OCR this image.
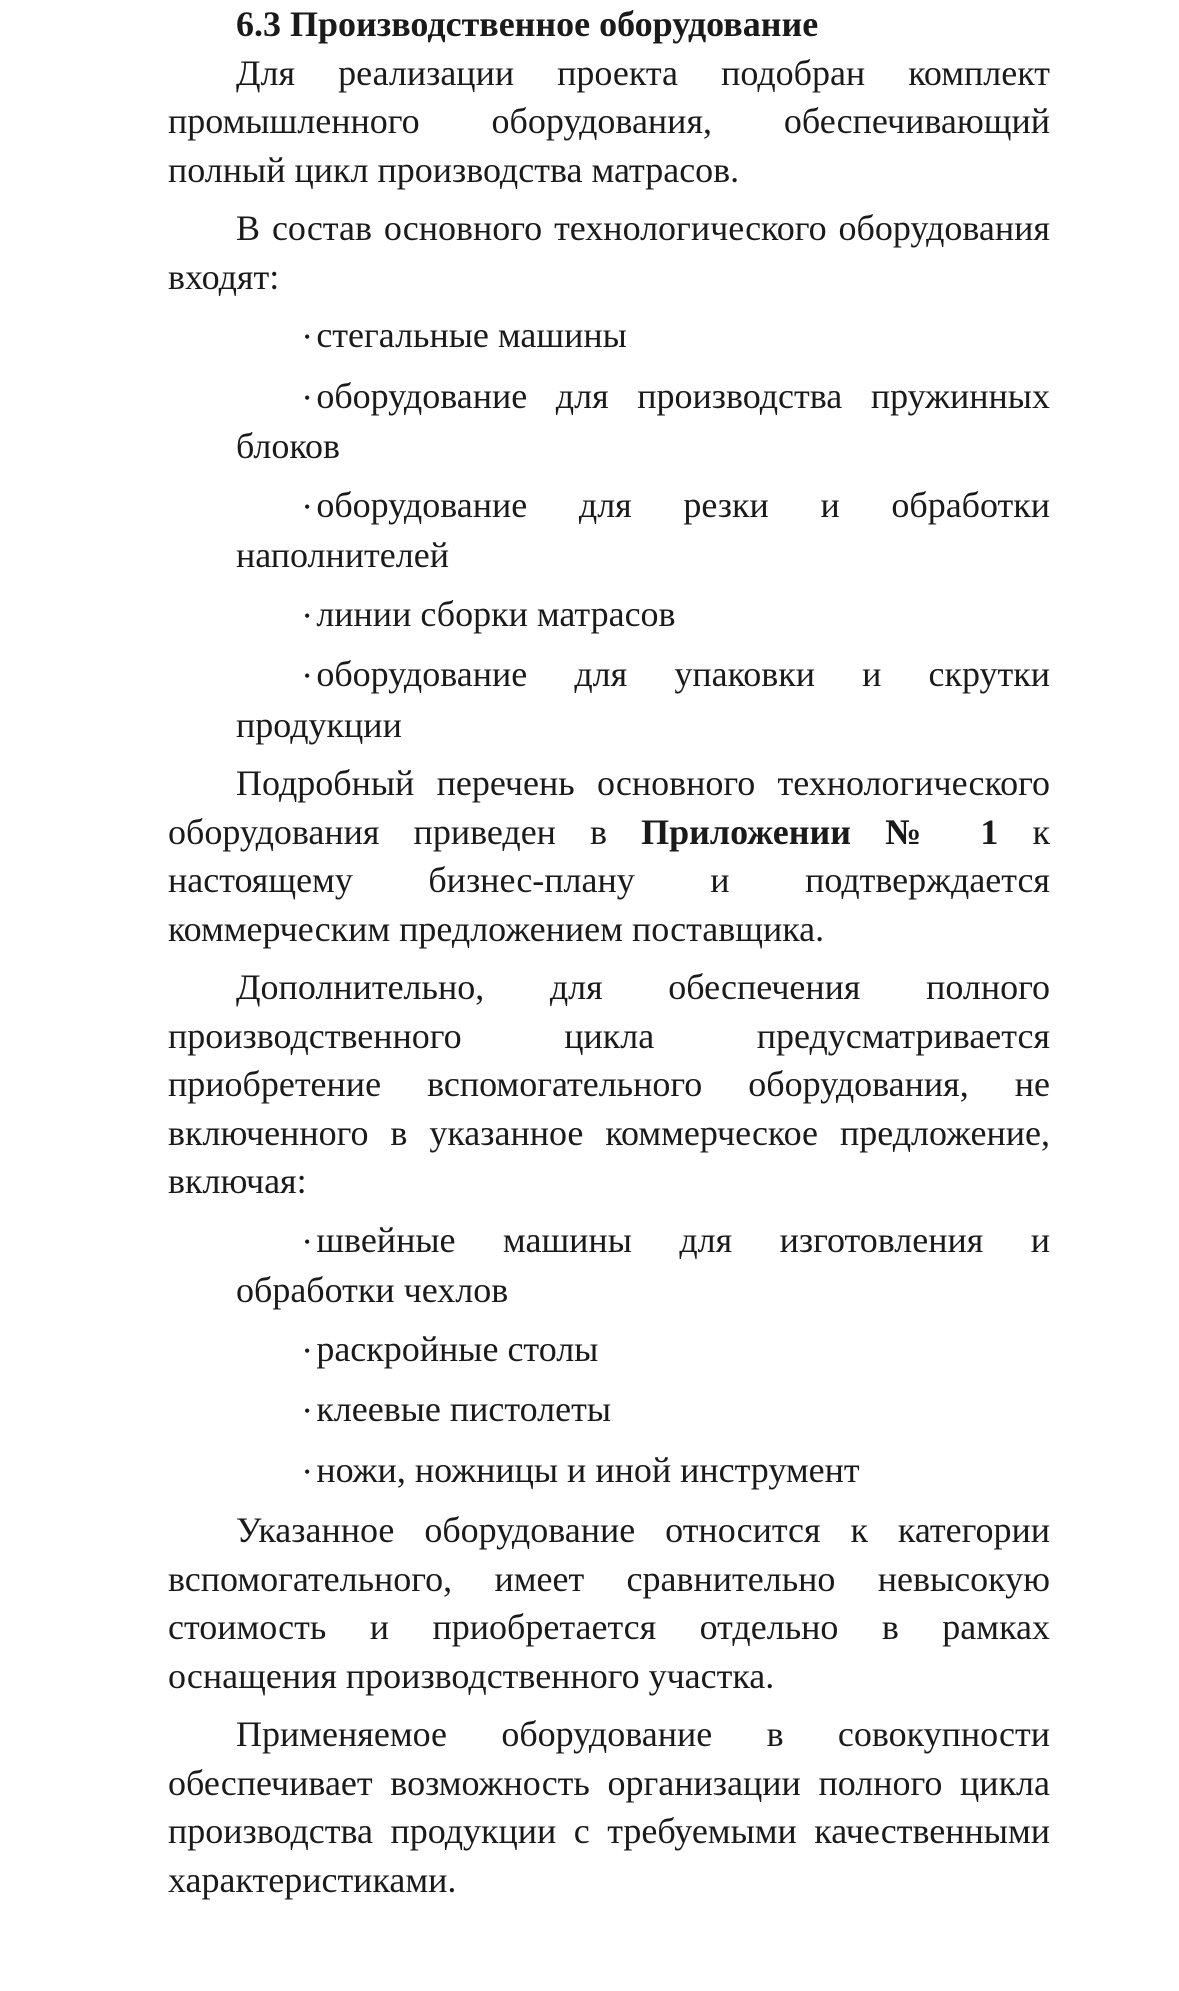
6.3 Производственное оборудование

Для реализации проекта подобран комплект промышленного оборудования, обеспечивающий полный цикл производства матрасов.

В состав основного технологического оборудования входят:

• стегальные машины
• оборудование для производства пружинных блоков
• оборудование для резки и обработки наполнителей
• линии сборки матрасов
• оборудование для упаковки и скрутки продукции

Подробный перечень основного технологического оборудования приведен в Приложении № 1 к настоящему бизнес-плану и подтверждается коммерческим предложением поставщика.

Дополнительно, для обеспечения полного производственного цикла предусматривается приобретение вспомогательного оборудования, не включенного в указанное коммерческое предложение, включая:

• швейные машины для изготовления и обработки чехлов
• раскройные столы
• клеевые пистолеты
• ножи, ножницы и иной инструмент

Указанное оборудование относится к категории вспомогательного, имеет сравнительно невысокую стоимость и приобретается отдельно в рамках оснащения производственного участка.

Применяемое оборудование в совокупности обеспечивает возможность организации полного цикла производства продукции с требуемыми качественными характеристиками.
